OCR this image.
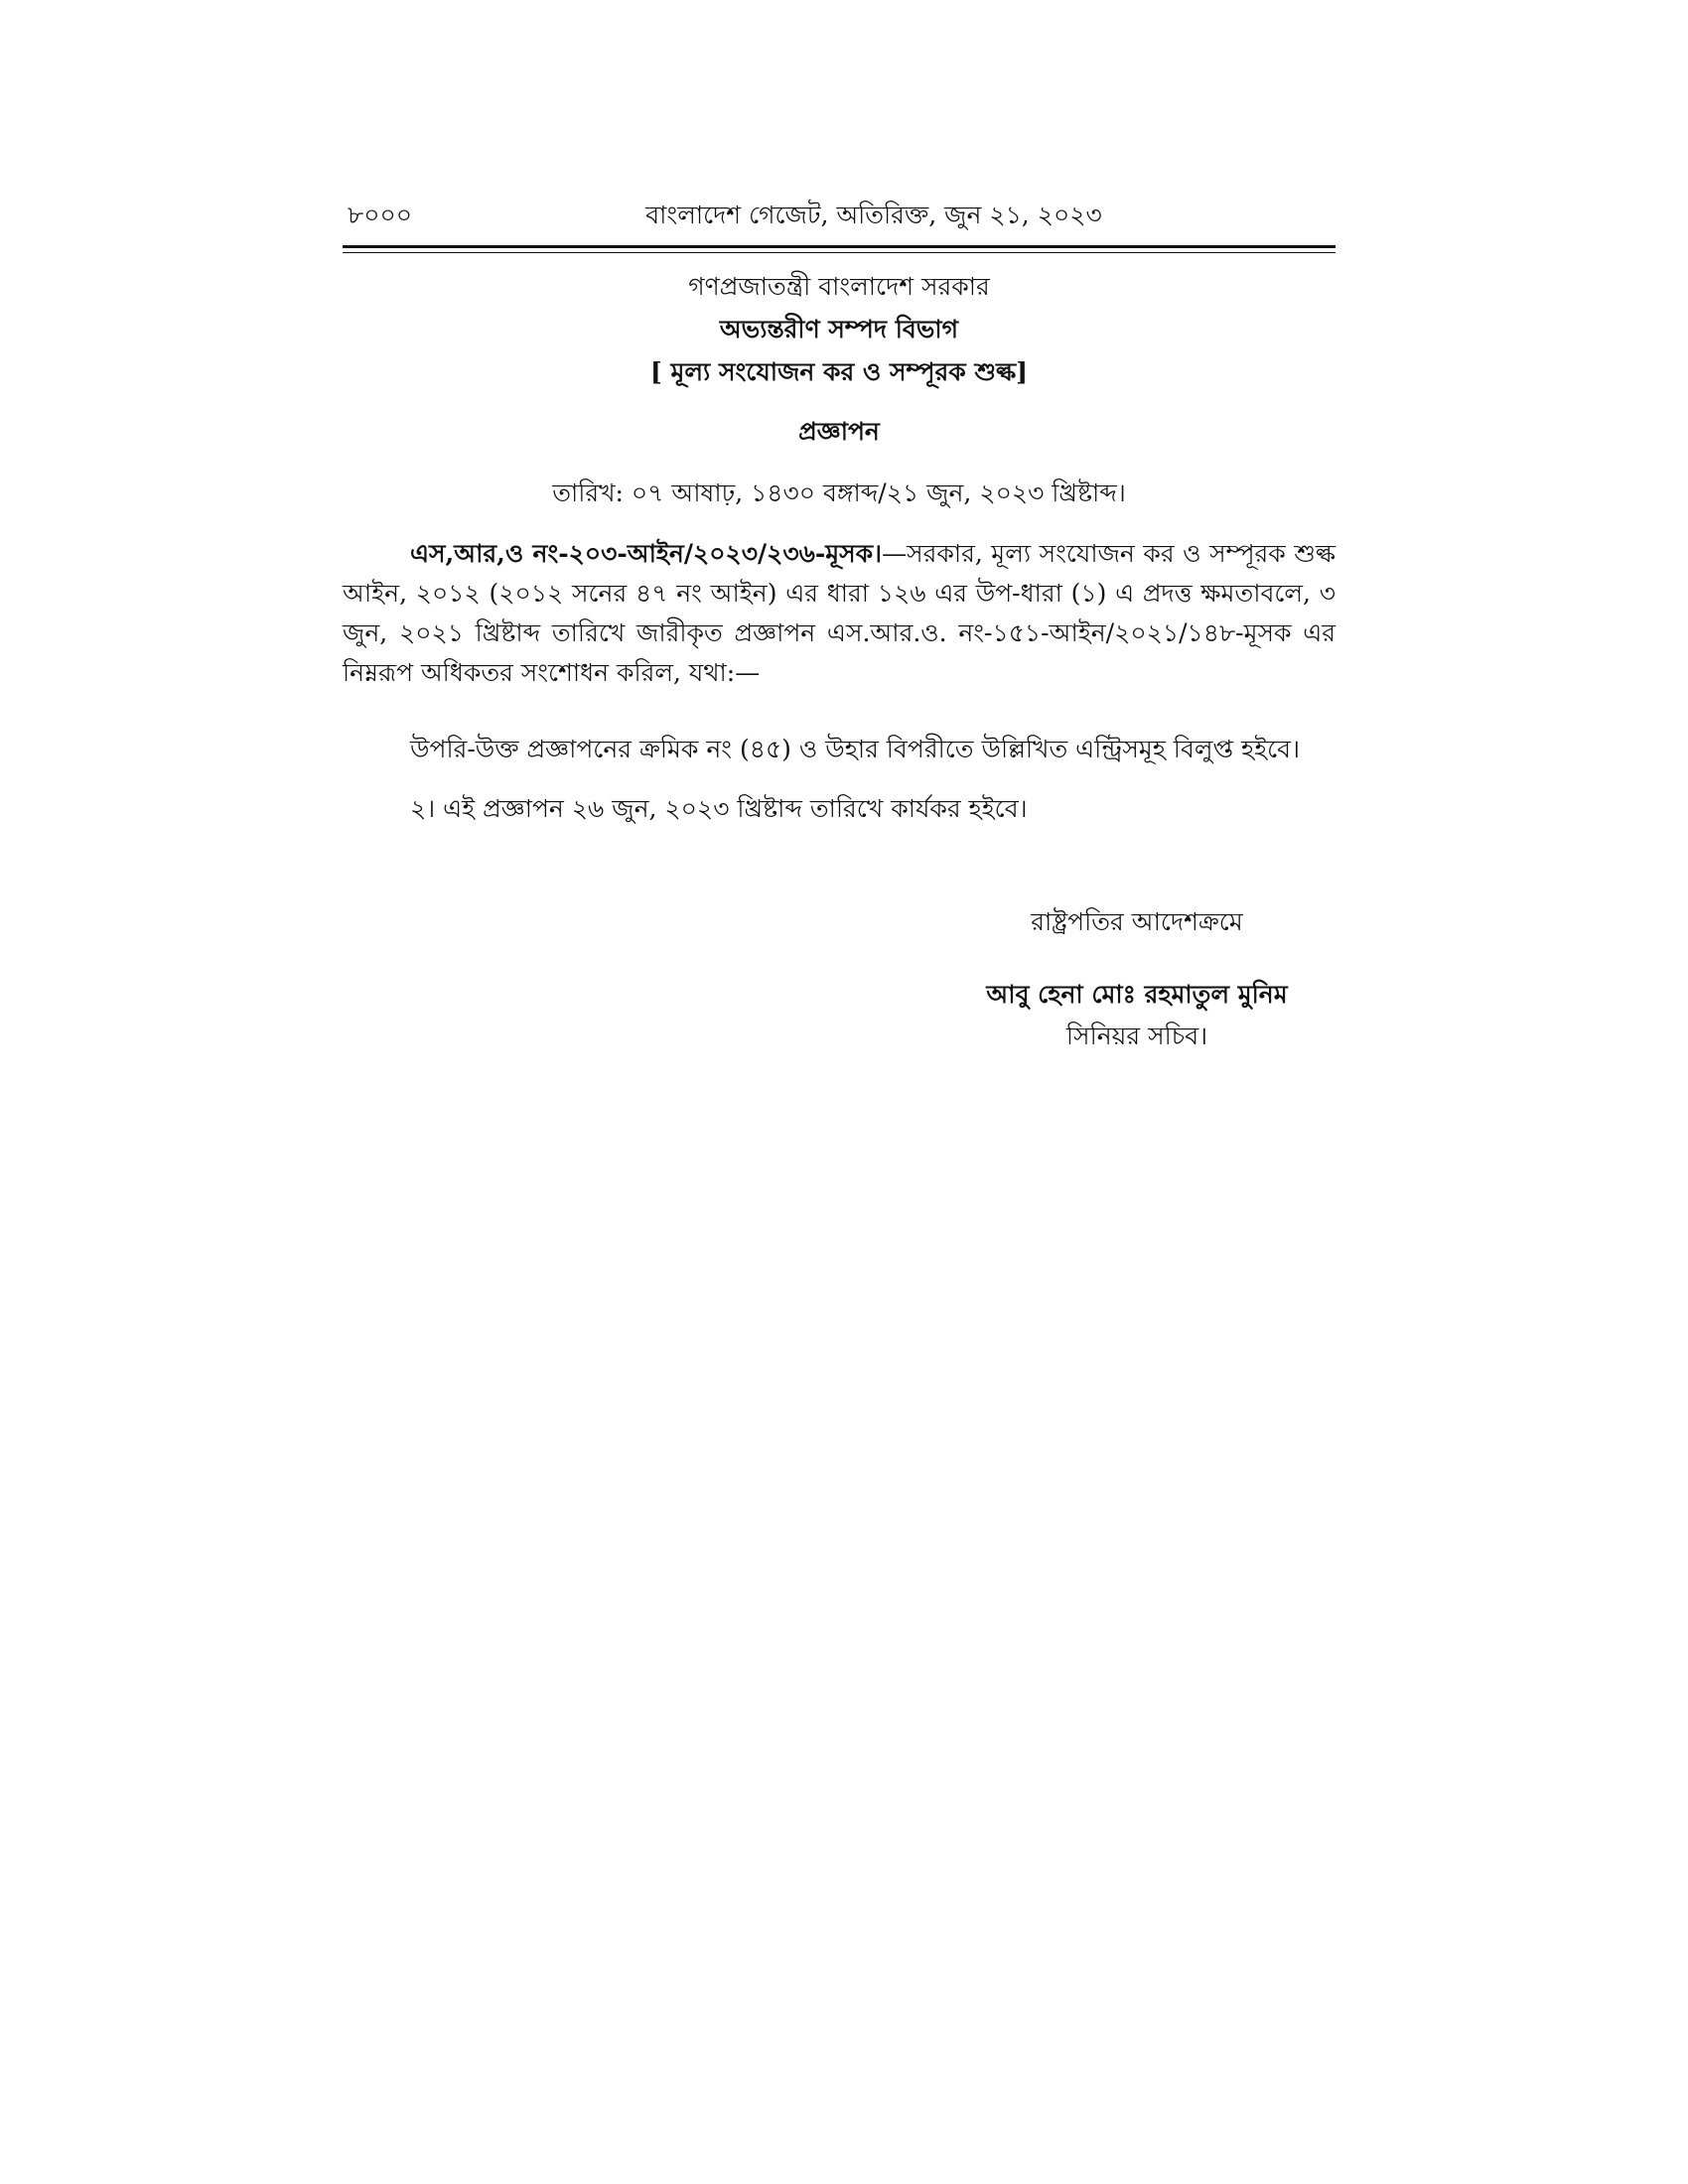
৮০০০	বাংলাদেশ গেজেট, অতিরিক্ত, জুন ২১, ২০২৩
গণপ্রজাতন্ত্রী বাংলাদেশ সরকার
অভ্যন্তরীণ সম্পদ বিভাগ
[ মূল্য সংযোজন কর ও সম্পূরক শুল্ক]
প্রজ্ঞাপন
তারিখ: ০৭ আষাঢ়, ১৪৩০ বঙ্গাব্দ/২১ জুন, ২০২৩ খ্রিষ্টাব্দ।
এস,আর,ও নং-২০৩-আইন/২০২৩/২৩৬-মূসক।—সরকার, মূল্য সংযোজন কর ও সম্পূরক শুল্ক আইন, ২০১২ (২০১২ সনের ৪৭ নং আইন) এর ধারা ১২৬ এর উপ-ধারা (১) এ প্রদত্ত ক্ষমতাবলে, ৩ জুন, ২০২১ খ্রিষ্টাব্দ তারিখে জারীকৃত প্রজ্ঞাপন এস.আর.ও. নং-১৫১-আইন/২০২১/১৪৮-মূসক এর নিম্নরূপ অধিকতর সংশোধন করিল, যথা:—
উপরি-উক্ত প্রজ্ঞাপনের ক্রমিক নং (৪৫) ও উহার বিপরীতে উল্লিখিত এন্ট্রিসমূহ বিলুপ্ত হইবে।
২। এই প্রজ্ঞাপন ২৬ জুন, ২০২৩ খ্রিষ্টাব্দ তারিখে কার্যকর হইবে।
রাষ্ট্রপতির আদেশক্রমে
আবু হেনা মোঃ রহমাতুল মুনিম
সিনিয়র সচিব।
